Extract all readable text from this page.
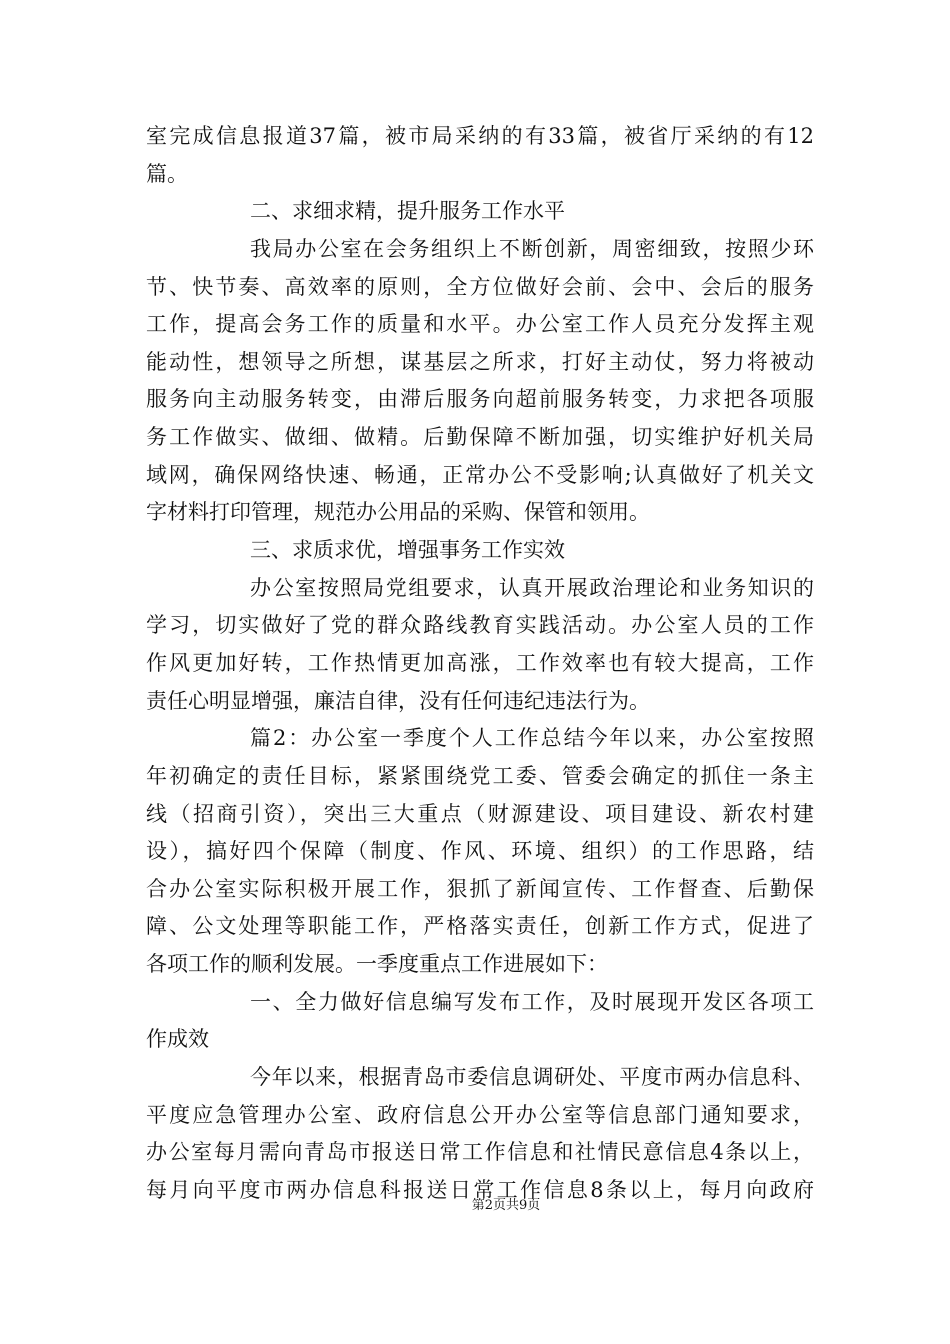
室完成信息报道37篇，被市局采纳的有33篇，被省厅采纳的有12
篇。
二、求细求精，提升服务工作水平
我局办公室在会务组织上不断创新，周密细致，按照少环
节、快节奏、高效率的原则，全方位做好会前、会中、会后的服务
工作，提高会务工作的质量和水平。办公室工作人员充分发挥主观
能动性，想领导之所想，谋基层之所求，打好主动仗，努力将被动
服务向主动服务转变，由滞后服务向超前服务转变，力求把各项服
务工作做实、做细、做精。后勤保障不断加强，切实维护好机关局
域网，确保网络快速、畅通，正常办公不受影响;认真做好了机关文
字材料打印管理，规范办公用品的采购、保管和领用。
三、求质求优，增强事务工作实效
办公室按照局党组要求，认真开展政治理论和业务知识的
学习，切实做好了党的群众路线教育实践活动。办公室人员的工作
作风更加好转，工作热情更加高涨，工作效率也有较大提高，工作
责任心明显增强，廉洁自律，没有任何违纪违法行为。
篇2：办公室一季度个人工作总结今年以来，办公室按照
年初确定的责任目标，紧紧围绕党工委、管委会确定的抓住一条主
线（招商引资），突出三大重点（财源建设、项目建设、新农村建
设），搞好四个保障（制度、作风、环境、组织）的工作思路，结
合办公室实际积极开展工作，狠抓了新闻宣传、工作督查、后勤保
障、公文处理等职能工作，严格落实责任，创新工作方式，促进了
各项工作的顺利发展。一季度重点工作进展如下：
一、全力做好信息编写发布工作，及时展现开发区各项工
作成效
今年以来，根据青岛市委信息调研处、平度市两办信息科、
平度应急管理办公室、政府信息公开办公室等信息部门通知要求，
办公室每月需向青岛市报送日常工作信息和社情民意信息4条以上，
每月向平度市两办信息科报送日常工作信息8条以上，每月向政府
第2页共9页
